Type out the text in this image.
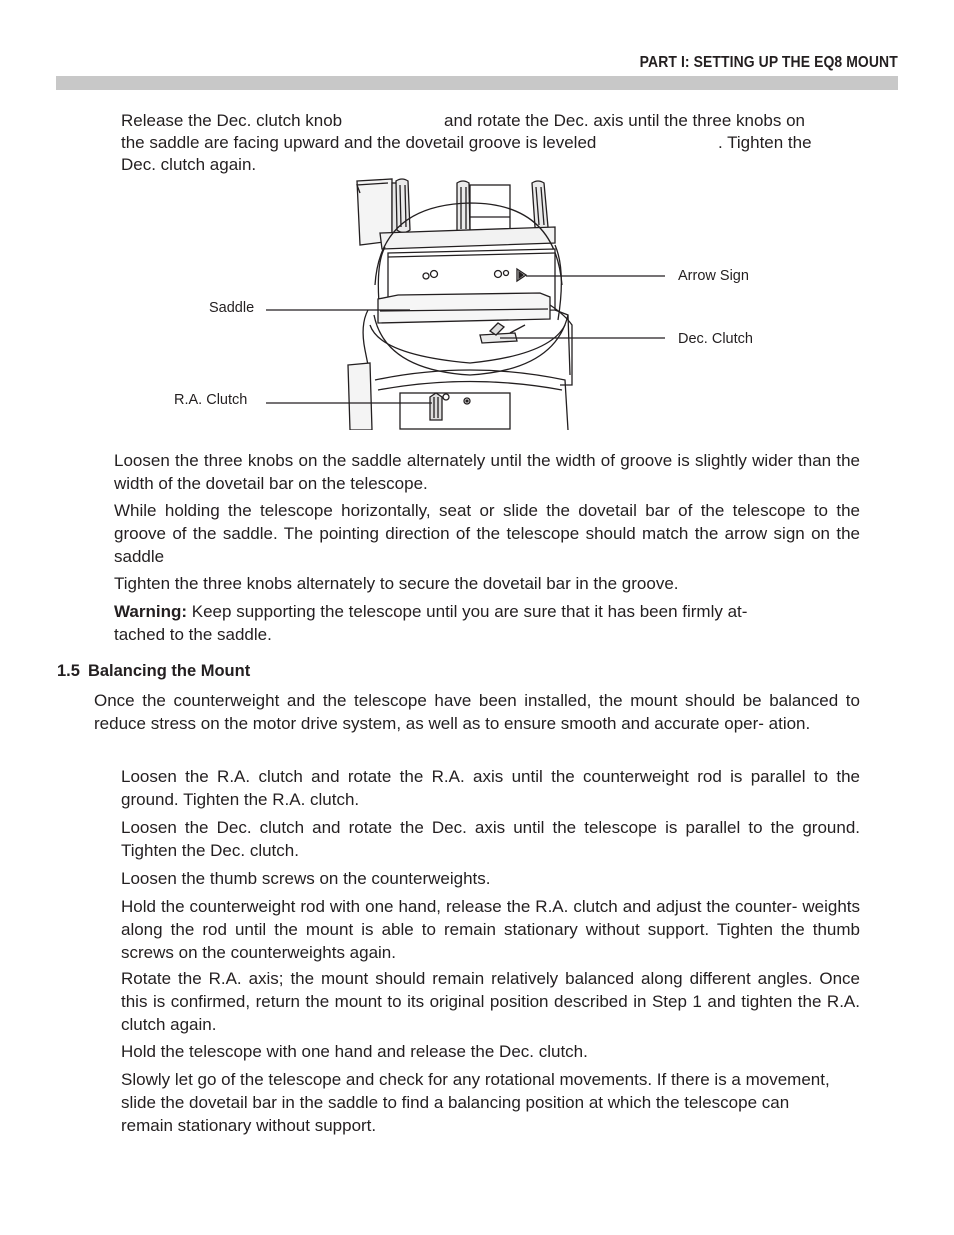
PART I: SETTING UP THE EQ8 MOUNT
Release the Dec. clutch knob	and rotate the Dec. axis until the three knobs on
the saddle are facing upward and the dovetail groove is leveled	. Tighten the
Dec. clutch again.
Arrow Sign
Saddle
Dec. Clutch
R.A. Clutch
Loosen the three knobs on the saddle alternately until the width of groove is slightly wider than the width of the dovetail bar on the telescope.
While holding the telescope horizontally, seat or slide the dovetail bar of the telescope to the groove of the saddle. The pointing direction of the telescope should match the arrow sign on the saddle
Tighten the three knobs alternately to secure the dovetail bar in the groove.
Warning: Keep supporting the telescope until you are sure that it has been firmly at-
tached to the saddle.
1.5 Balancing the Mount
Once the counterweight and the telescope have been installed, the mount should be balanced to reduce stress on the motor drive system, as well as to ensure smooth and accurate oper- ation.
Loosen the R.A. clutch and rotate the R.A. axis until the counterweight rod is parallel to the ground. Tighten the R.A. clutch.
Loosen the Dec. clutch and rotate the Dec. axis until the telescope is parallel to the ground. Tighten the Dec. clutch.
Loosen the thumb screws on the counterweights.
Hold the counterweight rod with one hand, release the R.A. clutch and adjust the counter- weights along the rod until the mount is able to remain stationary without support. Tighten the thumb screws on the counterweights again.
Rotate the R.A. axis; the mount should remain relatively balanced along different angles. Once this is confirmed, return the mount to its original position described in Step 1 and tighten the R.A. clutch again.
Hold the telescope with one hand and release the Dec. clutch.
Slowly let go of the telescope and check for any rotational movements. If there is a movement, slide the dovetail bar in the saddle to find a balancing position at which the telescope can remain stationary without support.
